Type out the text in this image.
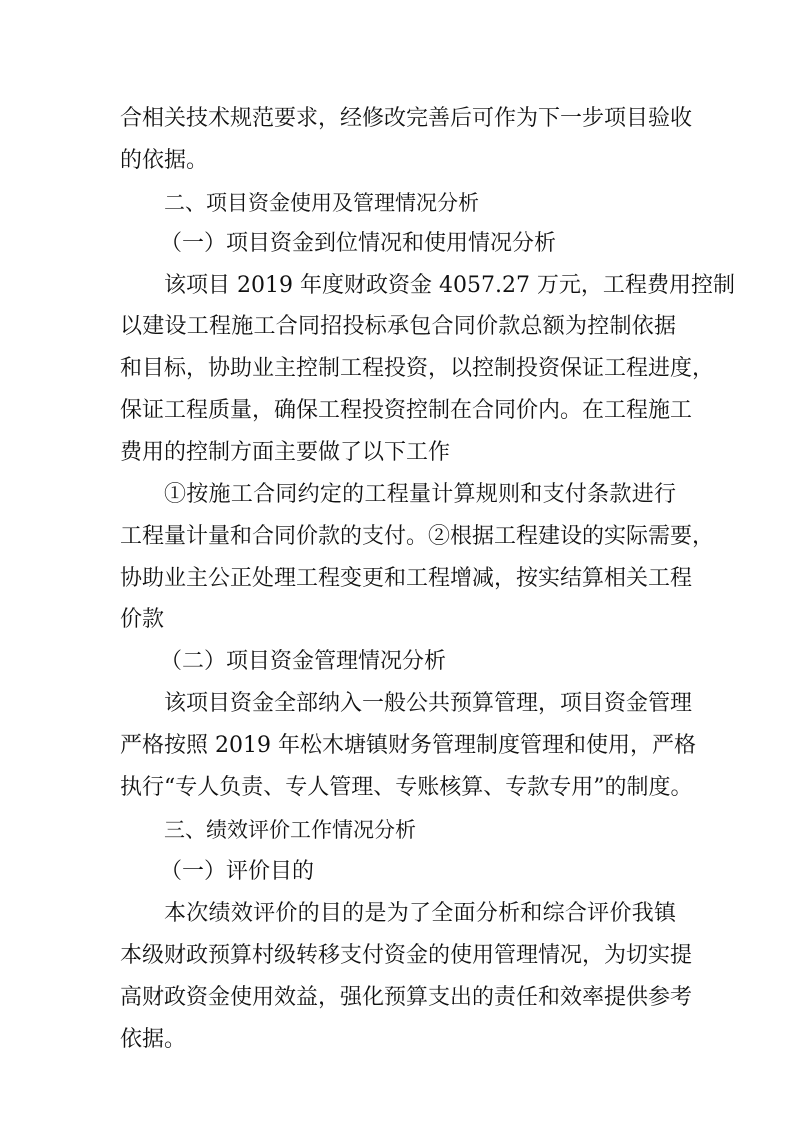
合相关技术规范要求，经修改完善后可作为下一步项目验收
的依据。
二、项目资金使用及管理情况分析
（一）项目资金到位情况和使用情况分析
该项目 2019 年度财政资金 4057.27 万元，工程费用控制
以建设工程施工合同招投标承包合同价款总额为控制依据
和目标，协助业主控制工程投资，以控制投资保证工程进度，
保证工程质量，确保工程投资控制在合同价内。在工程施工
费用的控制方面主要做了以下工作
①按施工合同约定的工程量计算规则和支付条款进行
工程量计量和合同价款的支付。②根据工程建设的实际需要，
协助业主公正处理工程变更和工程增减，按实结算相关工程
价款
（二）项目资金管理情况分析
该项目资金全部纳入一般公共预算管理，项目资金管理
严格按照 2019 年松木塘镇财务管理制度管理和使用，严格
执行“专人负责、专人管理、专账核算、专款专用”的制度。
三、绩效评价工作情况分析
（一）评价目的
本次绩效评价的目的是为了全面分析和综合评价我镇
本级财政预算村级转移支付资金的使用管理情况，为切实提
高财政资金使用效益，强化预算支出的责任和效率提供参考
依据。
